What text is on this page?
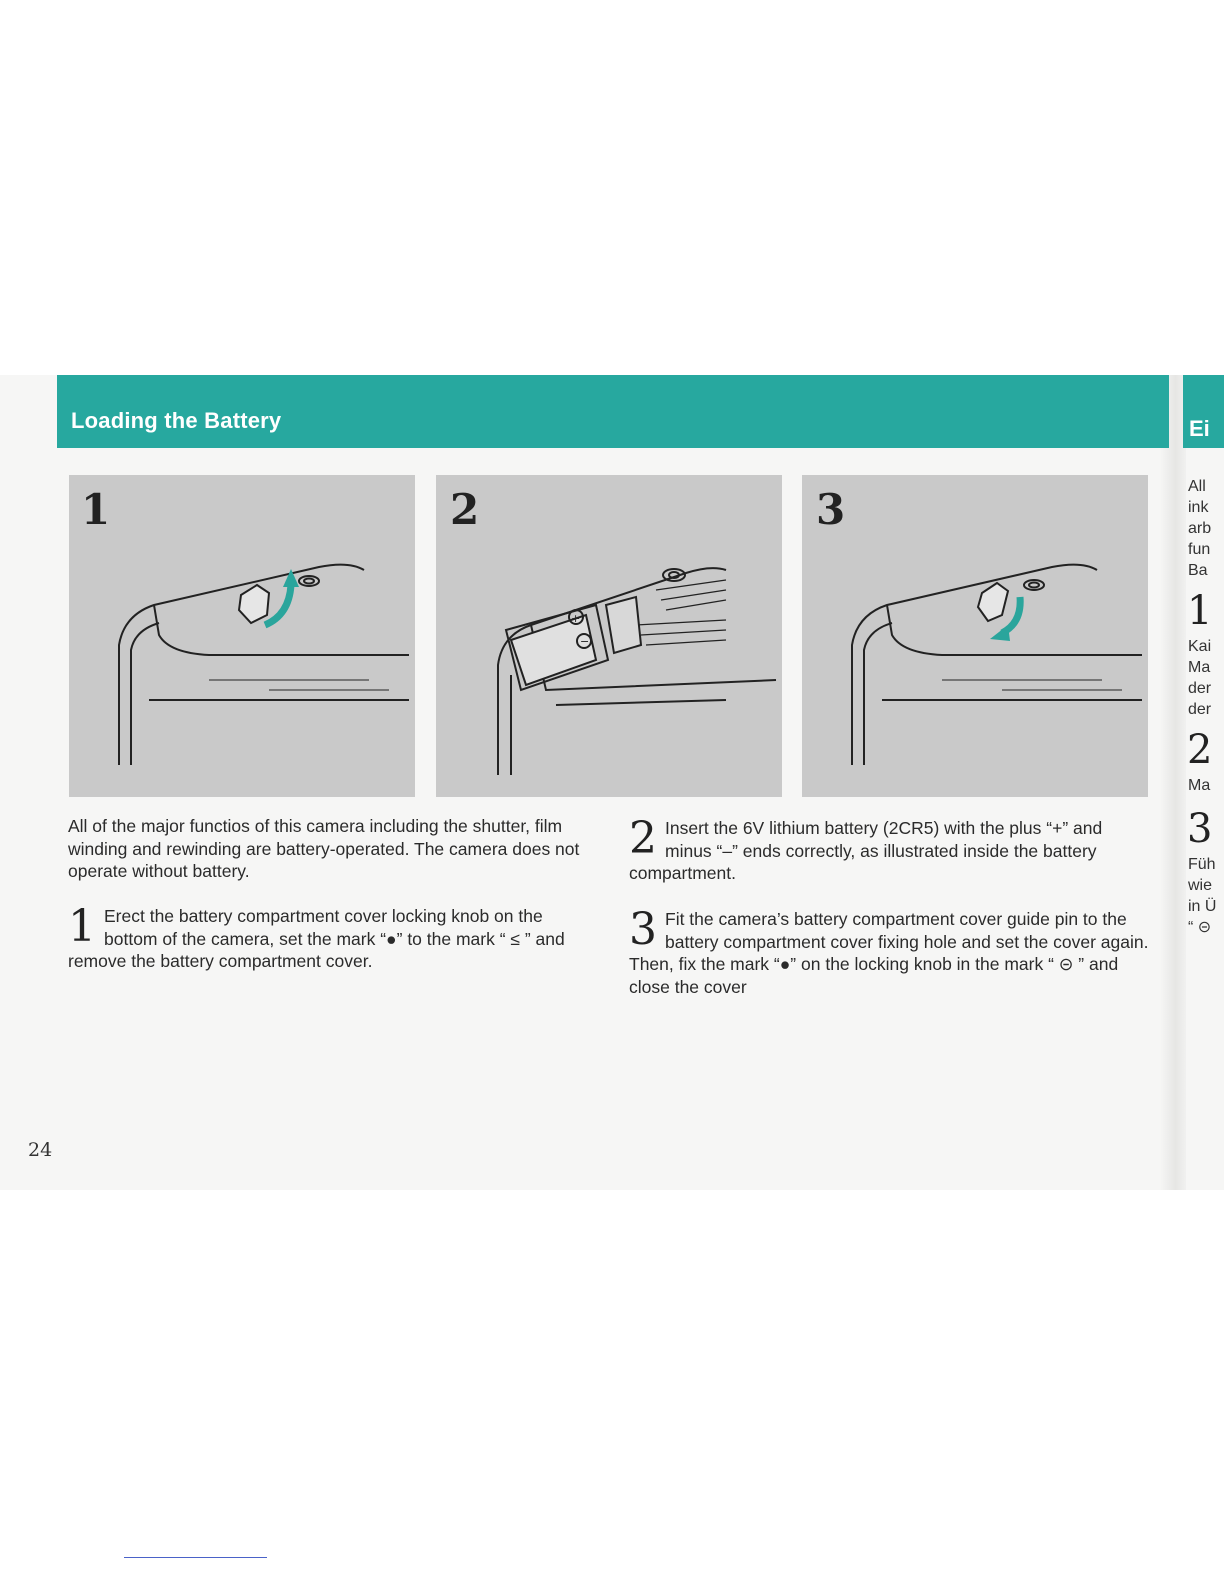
Loading the Battery	Ei
1
+
−
2	3
All of the major functios of this camera including the shutter, film winding and rewinding are battery-operated. The camera does not operate without battery.
1 Erect the battery compartment cover locking knob on the bottom of the camera, set the mark “●” to the mark “ ≤ ” and remove the battery compartment cover.
2 Insert the 6V lithium battery (2CR5) with the plus “+” and minus “–” ends correctly, as illustrated inside the battery compartment.
3 Fit the camera’s battery compartment cover guide pin to the battery compartment cover fixing hole and set the cover again. Then, fix the mark “●” on the locking knob in the mark “ ⊝ ” and close the cover
24
All
ink
arb
fun
Ba
1
Kai
Ma
der
der
2
Ma
3
Füh
wie
in Ü
“ ⊝
